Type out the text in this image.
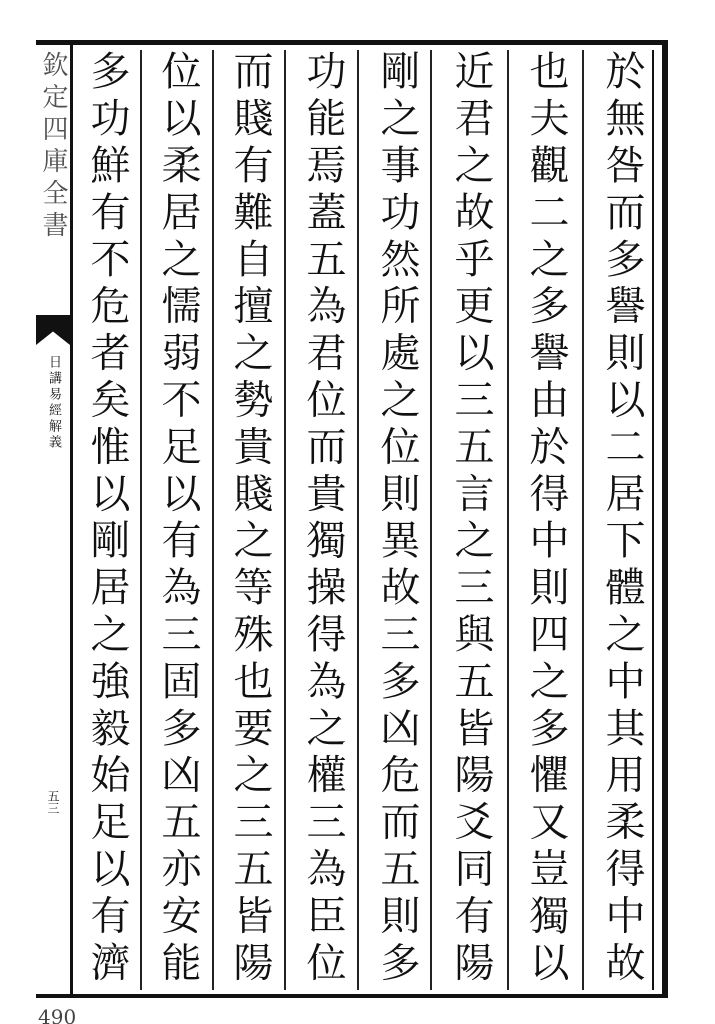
欽定四庫全書
日講易經解義
五三	於無咎而多譽則以二居下體之中其用柔得中故
也夫觀二之多譽由於得中則四之多懼又豈獨以
近君之故乎更以三五言之三與五皆陽爻同有陽
剛之事功然所處之位則異故三多凶危而五則多
功能焉蓋五為君位而貴獨操得為之權三為臣位
而賤有難自擅之勢貴賤之等殊也要之三五皆陽
位以柔居之懦弱不足以有為三固多凶五亦安能
多功鮮有不危者矣惟以剛居之強毅始足以有濟
490
